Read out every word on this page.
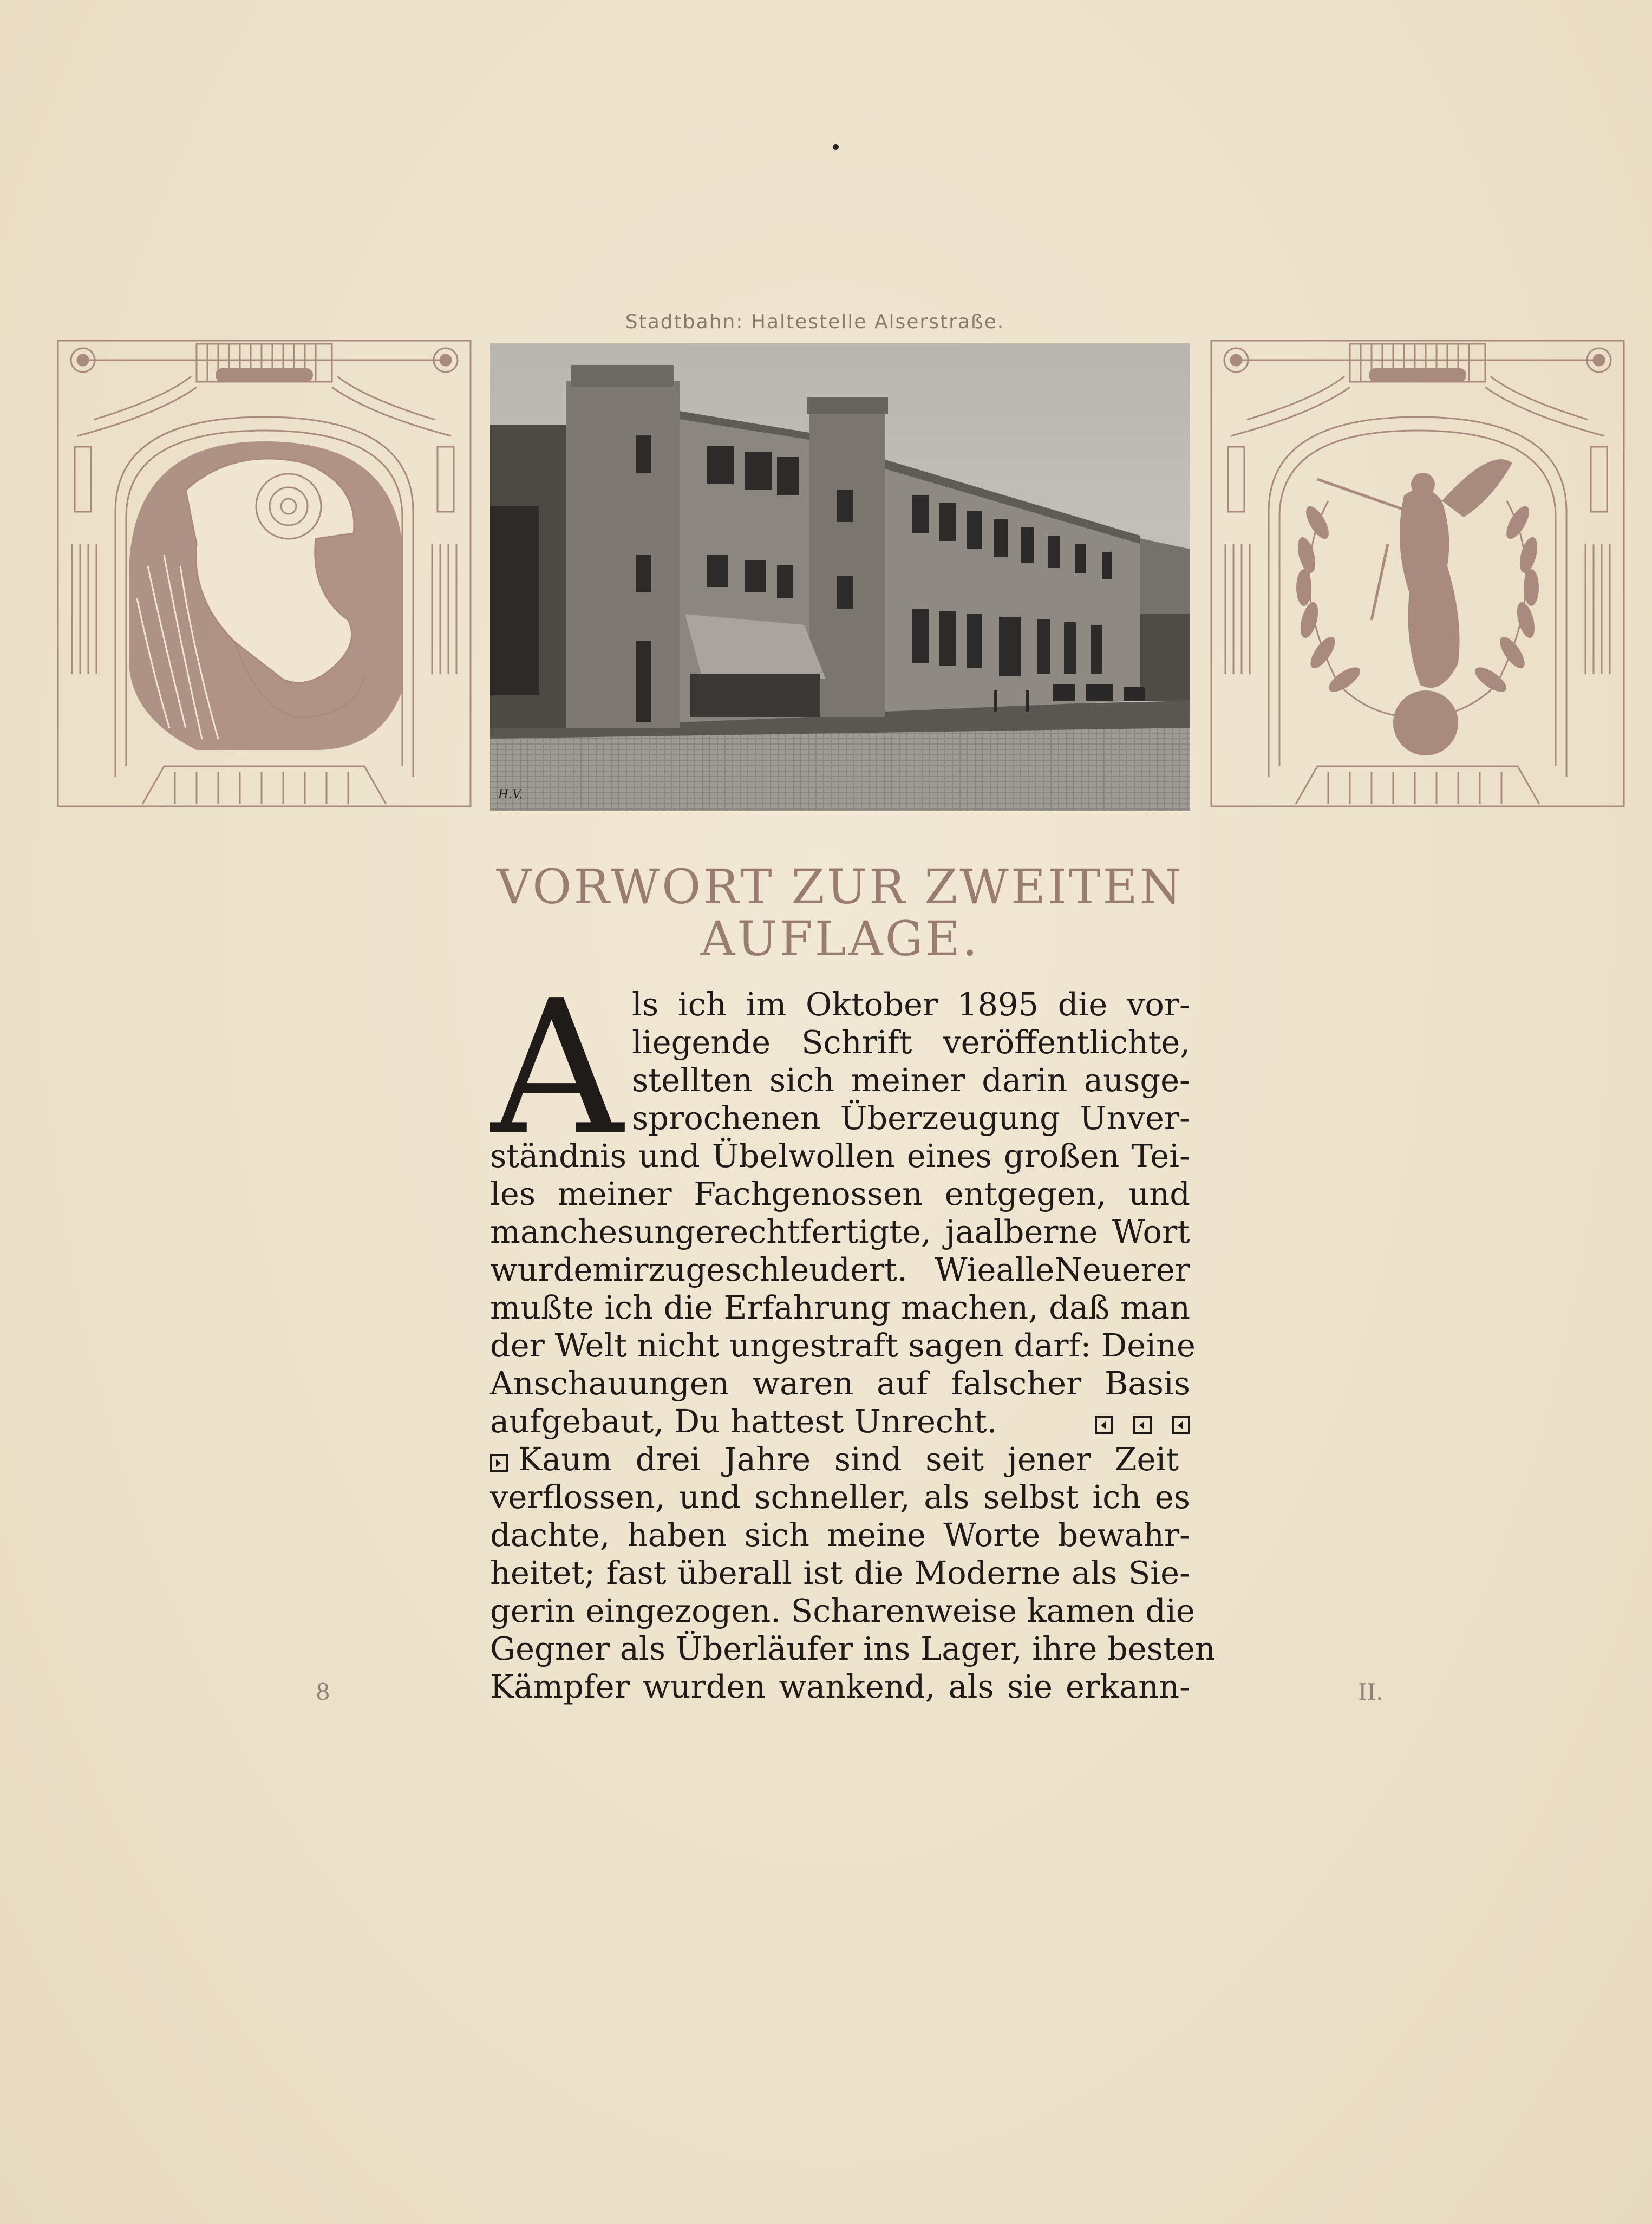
Stadtbahn: Haltestelle Alserstraße.
H.V.
VORWORT ZUR ZWEITEN
AUFLAGE.
A ls ich im Oktober 1895 die vor-
liegende Schrift veröffentlichte,
stellten sich meiner darin ausge-
sprochenen Überzeugung Unver-
ständnis und Übelwollen eines großen Tei-
les meiner Fachgenossen entgegen, und
manchesungerechtfertigte, jaalberne Wort
wurdemirzugeschleudert. WiealleNeuerer
mußte ich die Erfahrung machen, daß man
der Welt nicht ungestraft sagen darf: Deine
Anschauungen waren auf falscher Basis
aufgebaut, Du hattest Unrecht.

Kaum drei Jahre sind seit jener Zeit
verflossen, und schneller, als selbst ich es
dachte, haben sich meine Worte bewahr-
heitet; fast überall ist die Moderne als Sie-
gerin eingezogen. Scharenweise kamen die
Gegner als Überläufer ins Lager, ihre besten
Kämpfer wurden wankend, als sie erkann-
8	II.
